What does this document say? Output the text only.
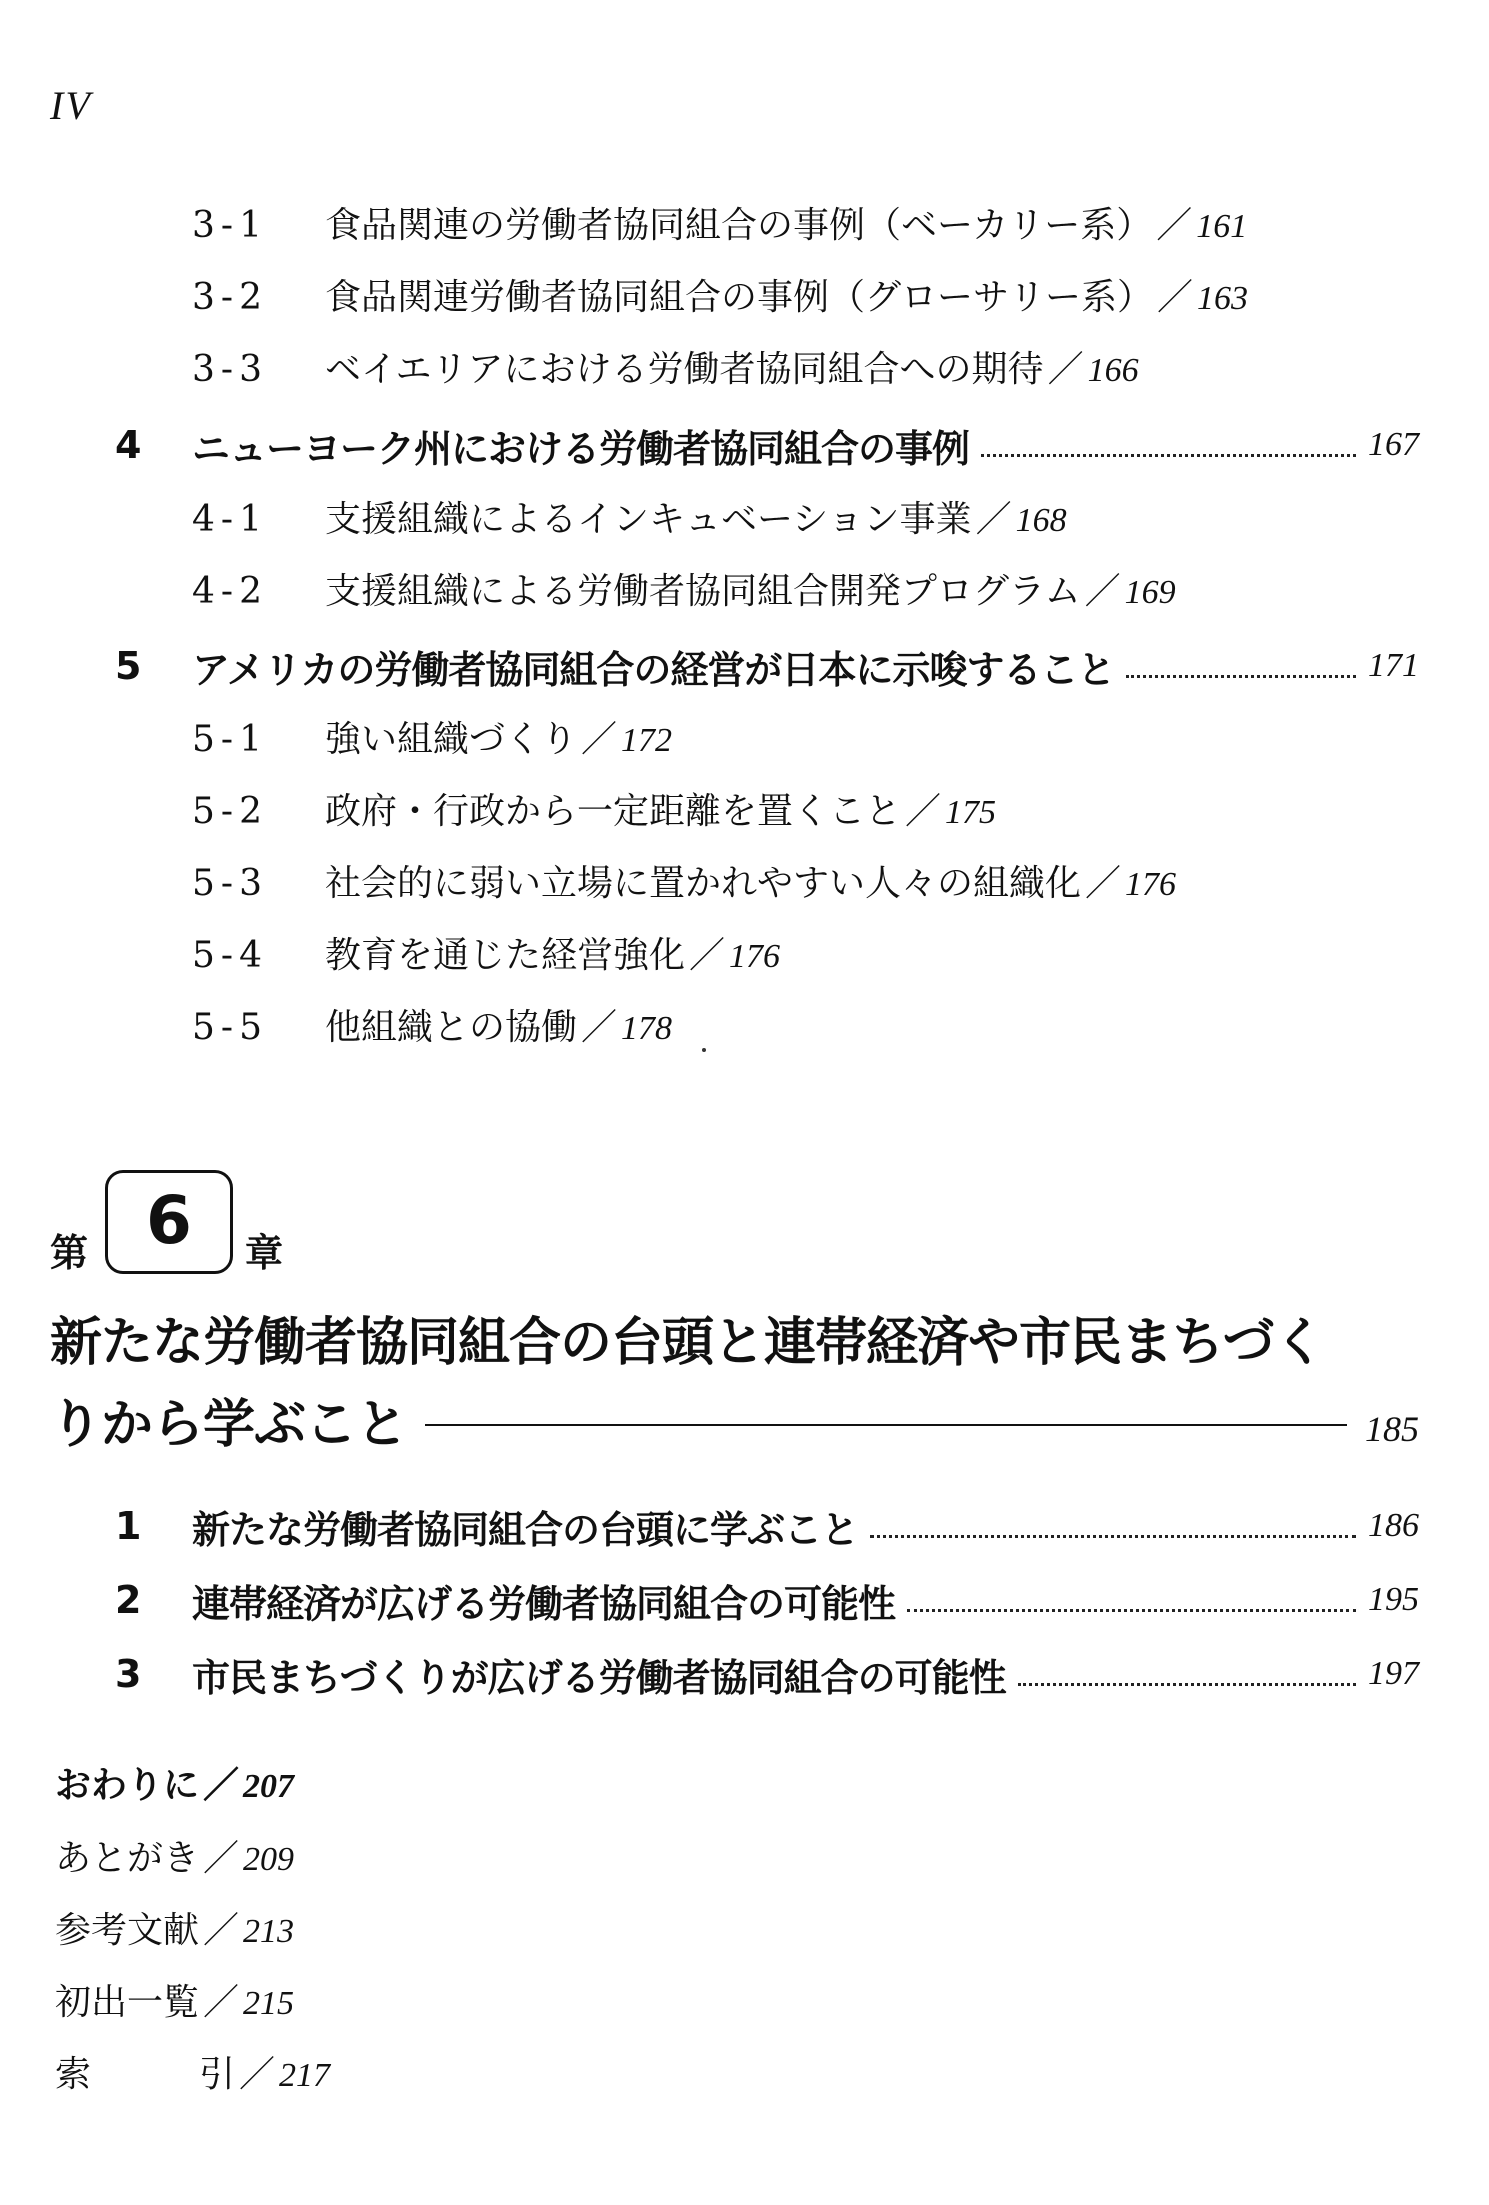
IV
3-1 食品関連の労働者協同組合の事例（ベーカリー系） ／ 161
3-2 食品関連労働者協同組合の事例（グローサリー系） ／ 163
3-3 ベイエリアにおける労働者協同組合への期待 ／ 166
4 ニューヨーク州における労働者協同組合の事例	167
4-1 支援組織によるインキュベーション事業 ／ 168
4-2 支援組織による労働者協同組合開発プログラム ／ 169
5 アメリカの労働者協同組合の経営が日本に示唆すること	171
5-1 強い組織づくり ／ 172
5-2 政府・行政から一定距離を置くこと ／ 175
5-3 社会的に弱い立場に置かれやすい人々の組織化 ／ 176
5-4 教育を通じた経営強化 ／ 176
5-5 他組織との協働 ／ 178
第 6	章
新たな労働者協同組合の台頭と連帯経済や市民まちづく
りから学ぶこと	185
1 新たな労働者協同組合の台頭に学ぶこと	186
2 連帯経済が広げる労働者協同組合の可能性	195
3 市民まちづくりが広げる労働者協同組合の可能性	197
おわりに ／ 207
あとがき ／ 209
参考文献 ／ 213
初出一覧 ／ 215
索	引 ／ 217
